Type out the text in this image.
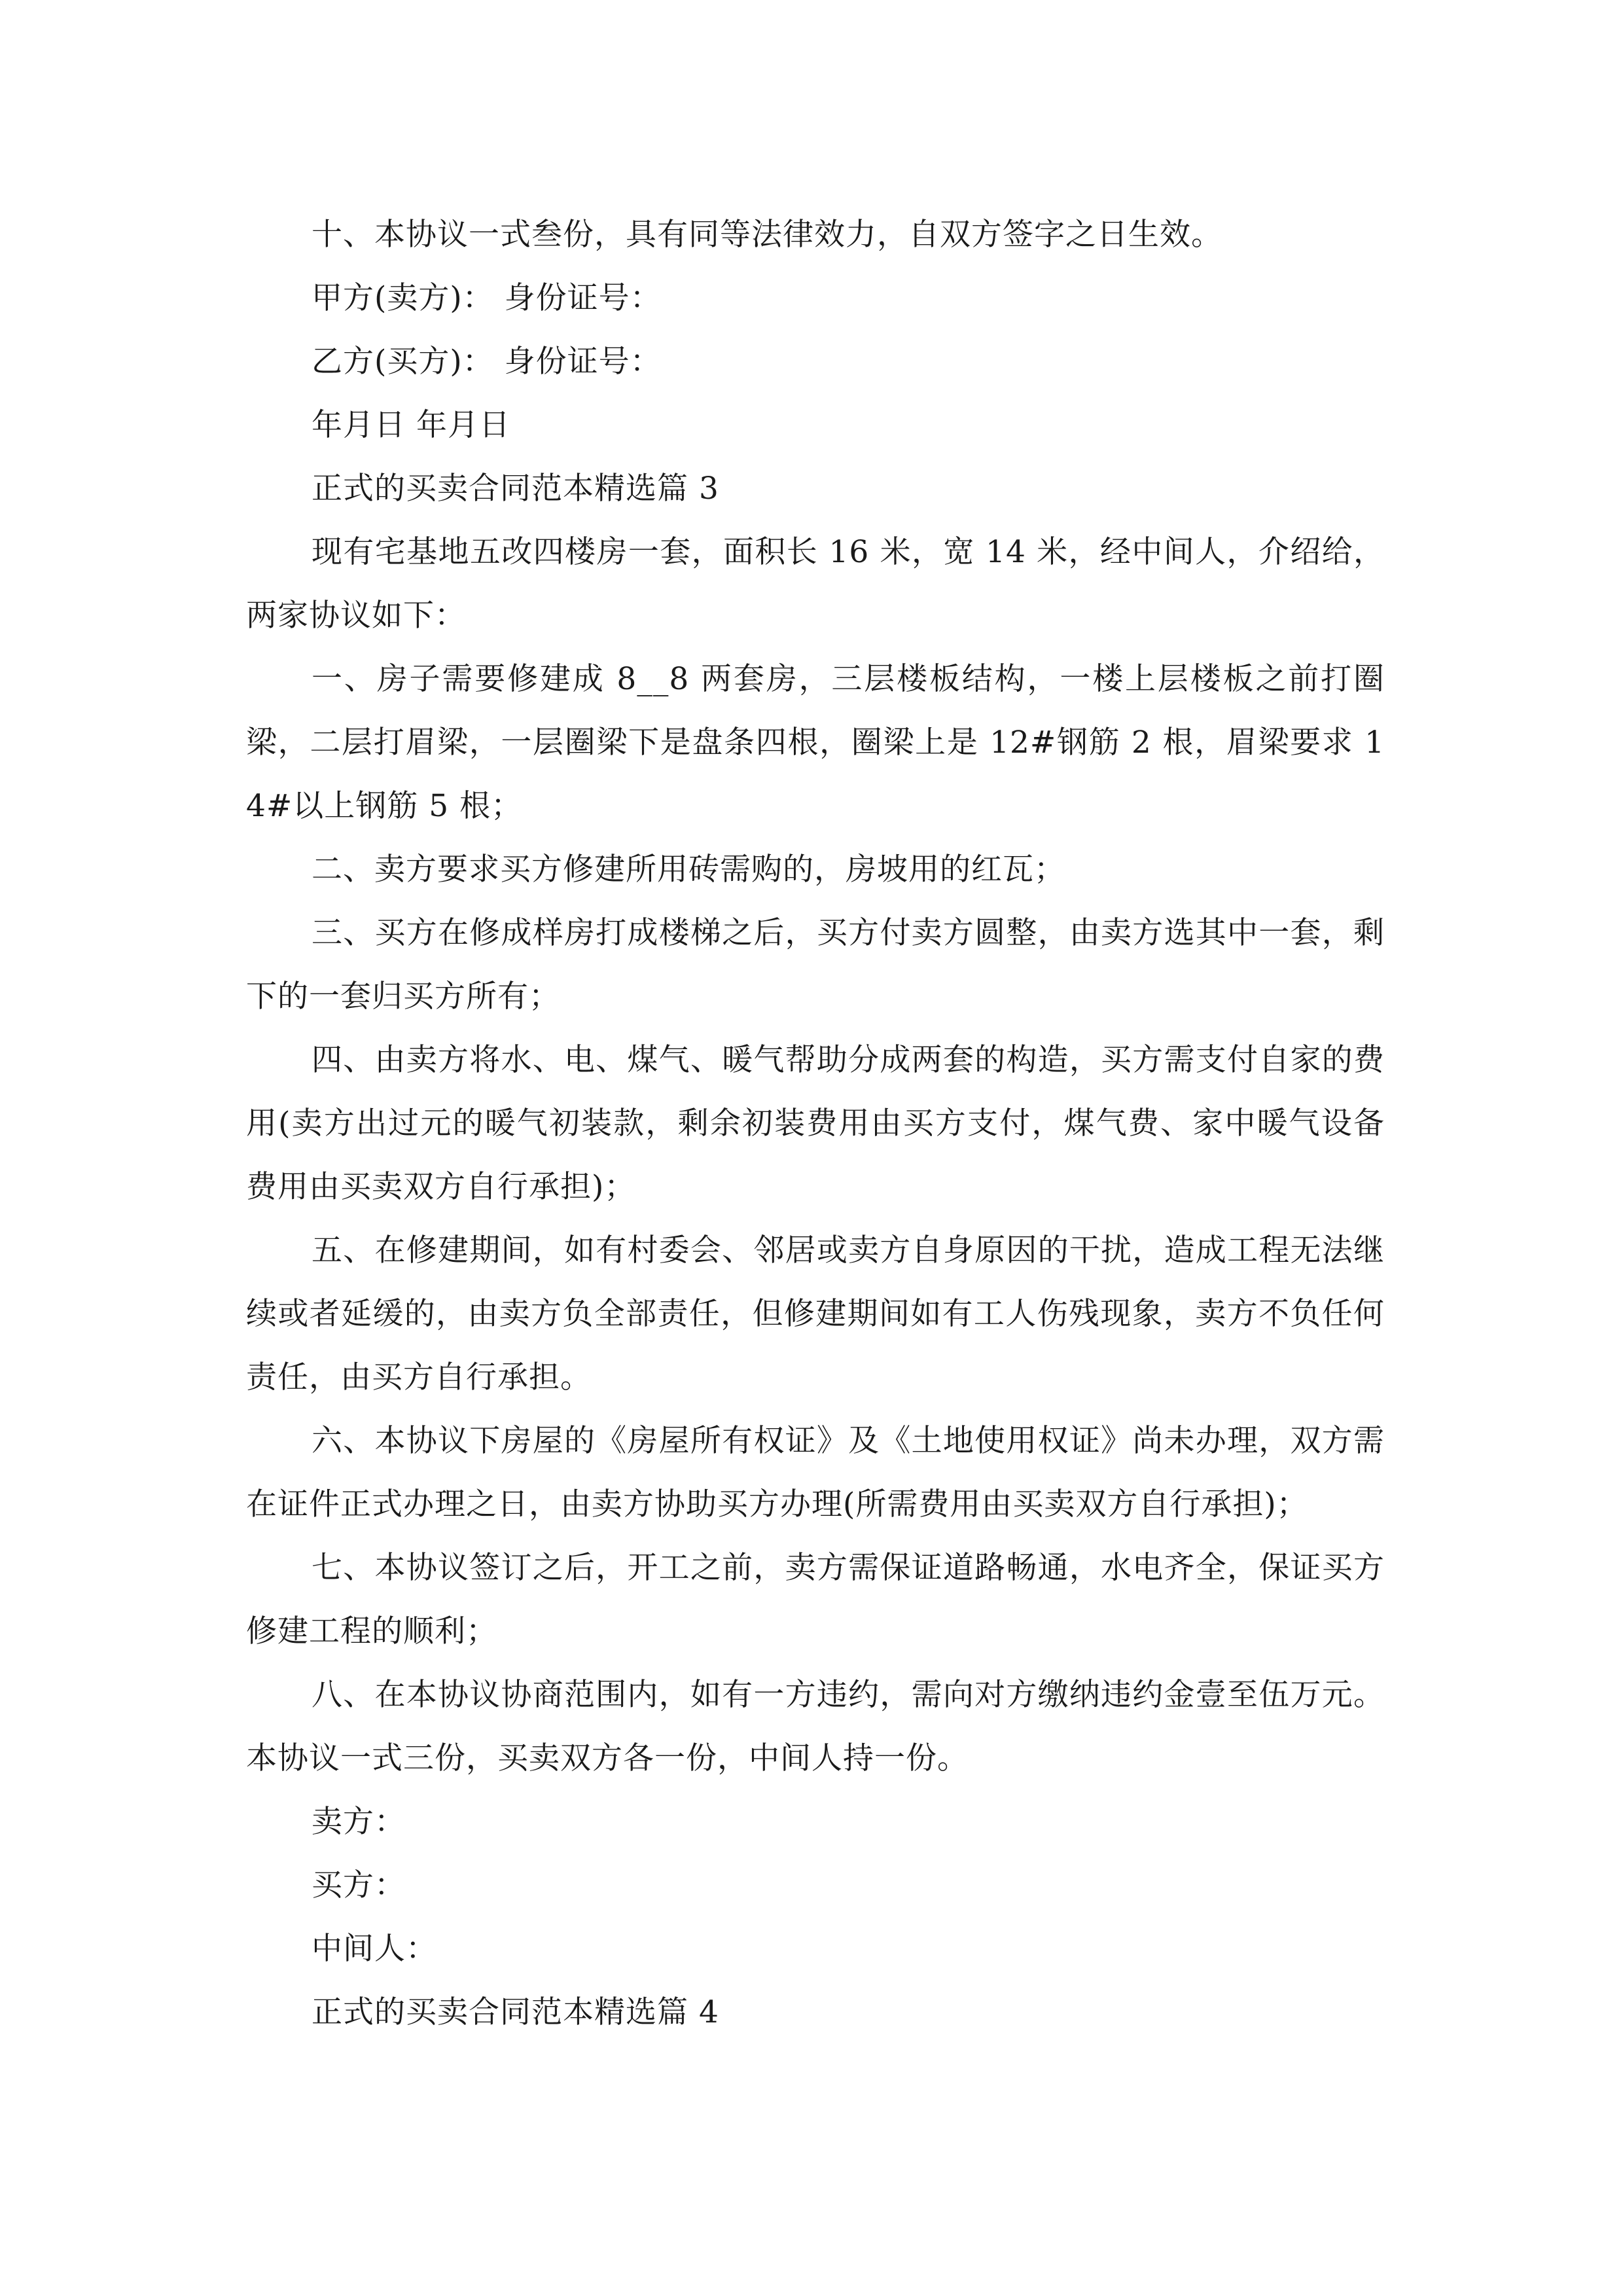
十、本协议一式叁份，具有同等法律效力，自双方签字之日生效。

甲方(卖方)： 身份证号：

乙方(买方)： 身份证号：

年月日 年月日

正式的买卖合同范本精选篇 3

现有宅基地五改四楼房一套，面积长 16 米，宽 14 米，经中间人，介绍给，两家协议如下：

一、房子需要修建成 8__8 两套房，三层楼板结构，一楼上层楼板之前打圈梁，二层打眉梁，一层圈梁下是盘条四根，圈梁上是 12#钢筋 2 根，眉梁要求 14#以上钢筋 5 根；

二、卖方要求买方修建所用砖需购的，房坡用的红瓦；

三、买方在修成样房打成楼梯之后，买方付卖方圆整，由卖方选其中一套，剩下的一套归买方所有；

四、由卖方将水、电、煤气、暖气帮助分成两套的构造，买方需支付自家的费用(卖方出过元的暖气初装款，剩余初装费用由买方支付，煤气费、家中暖气设备费用由买卖双方自行承担)；

五、在修建期间，如有村委会、邻居或卖方自身原因的干扰，造成工程无法继续或者延缓的，由卖方负全部责任，但修建期间如有工人伤残现象，卖方不负任何责任，由买方自行承担。

六、本协议下房屋的《房屋所有权证》及《土地使用权证》尚未办理，双方需在证件正式办理之日，由卖方协助买方办理(所需费用由买卖双方自行承担)；

七、本协议签订之后，开工之前，卖方需保证道路畅通，水电齐全，保证买方修建工程的顺利；

八、在本协议协商范围内，如有一方违约，需向对方缴纳违约金壹至伍万元。本协议一式三份，买卖双方各一份，中间人持一份。

卖方：

买方：

中间人：

正式的买卖合同范本精选篇 4
